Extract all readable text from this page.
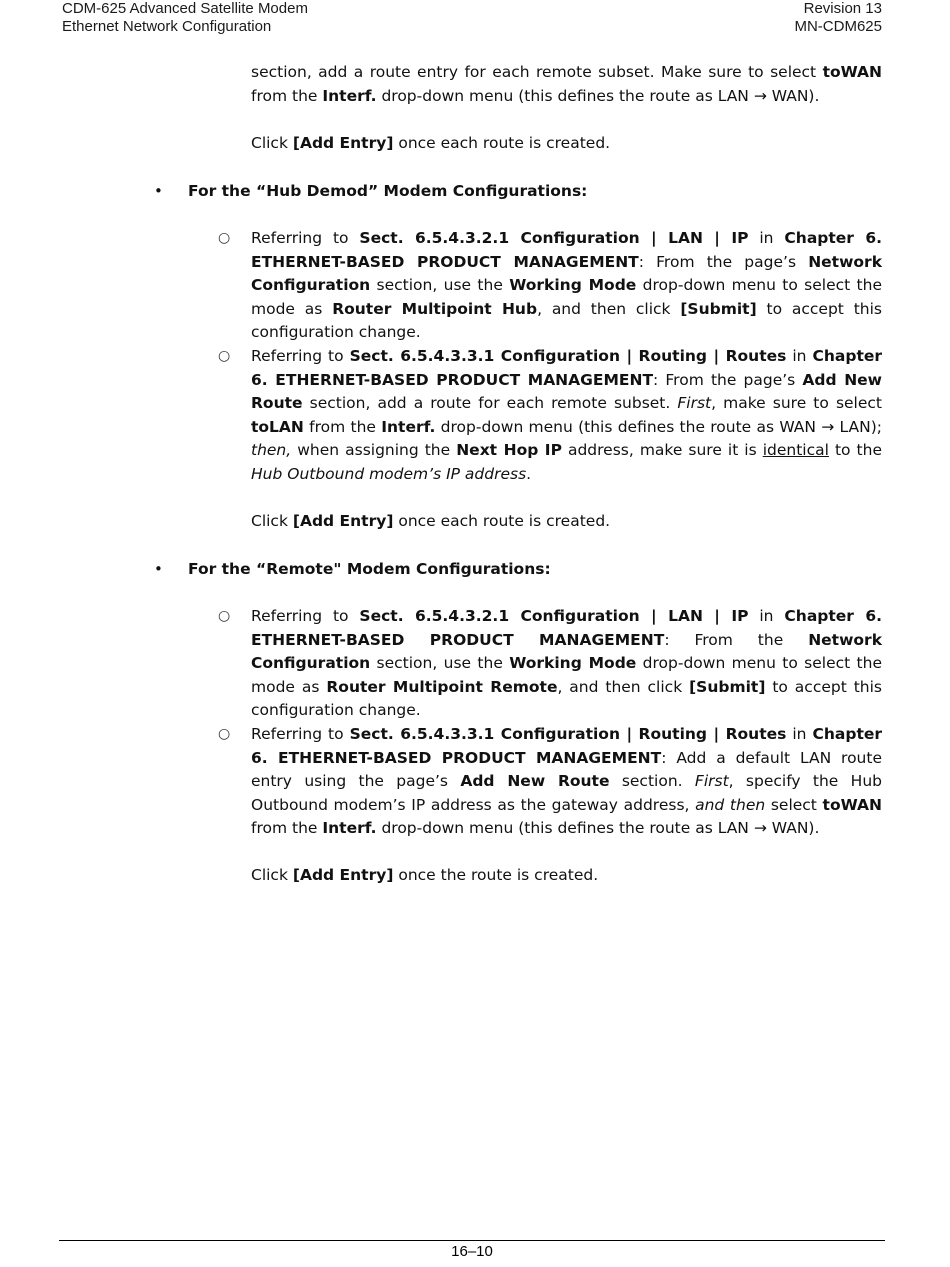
CDM-625 Advanced Satellite Modem
Ethernet Network Configuration
Revision 13
MN-CDM625
section, add a route entry for each remote subset. Make sure to select toWAN from the Interf. drop-down menu (this defines the route as LAN → WAN).
Click [Add Entry] once each route is created.
• For the “Hub Demod” Modem Configurations:
○ Referring to Sect. 6.5.4.3.2.1 Configuration | LAN | IP in Chapter 6. ETHERNET-BASED PRODUCT MANAGEMENT: From the page’s Network Configuration section, use the Working Mode drop-down menu to select the mode as Router Multipoint Hub, and then click [Submit] to accept this configuration change.
○ Referring to Sect. 6.5.4.3.3.1 Configuration | Routing | Routes in Chapter 6. ETHERNET-BASED PRODUCT MANAGEMENT: From the page’s Add New Route section, add a route for each remote subset. First, make sure to select toLAN from the Interf. drop-down menu (this defines the route as WAN → LAN); then, when assigning the Next Hop IP address, make sure it is identical to the Hub Outbound modem’s IP address.
Click [Add Entry] once each route is created.
• For the “Remote" Modem Configurations:
○ Referring to Sect. 6.5.4.3.2.1 Configuration | LAN | IP in Chapter 6. ETHERNET-BASED PRODUCT MANAGEMENT: From the Network Configuration section, use the Working Mode drop-down menu to select the mode as Router Multipoint Remote, and then click [Submit] to accept this configuration change.
○ Referring to Sect. 6.5.4.3.3.1 Configuration | Routing | Routes in Chapter 6. ETHERNET-BASED PRODUCT MANAGEMENT: Add a default LAN route entry using the page’s Add New Route section. First, specify the Hub Outbound modem’s IP address as the gateway address, and then select toWAN from the Interf. drop-down menu (this defines the route as LAN → WAN).
Click [Add Entry] once the route is created.
16–10
